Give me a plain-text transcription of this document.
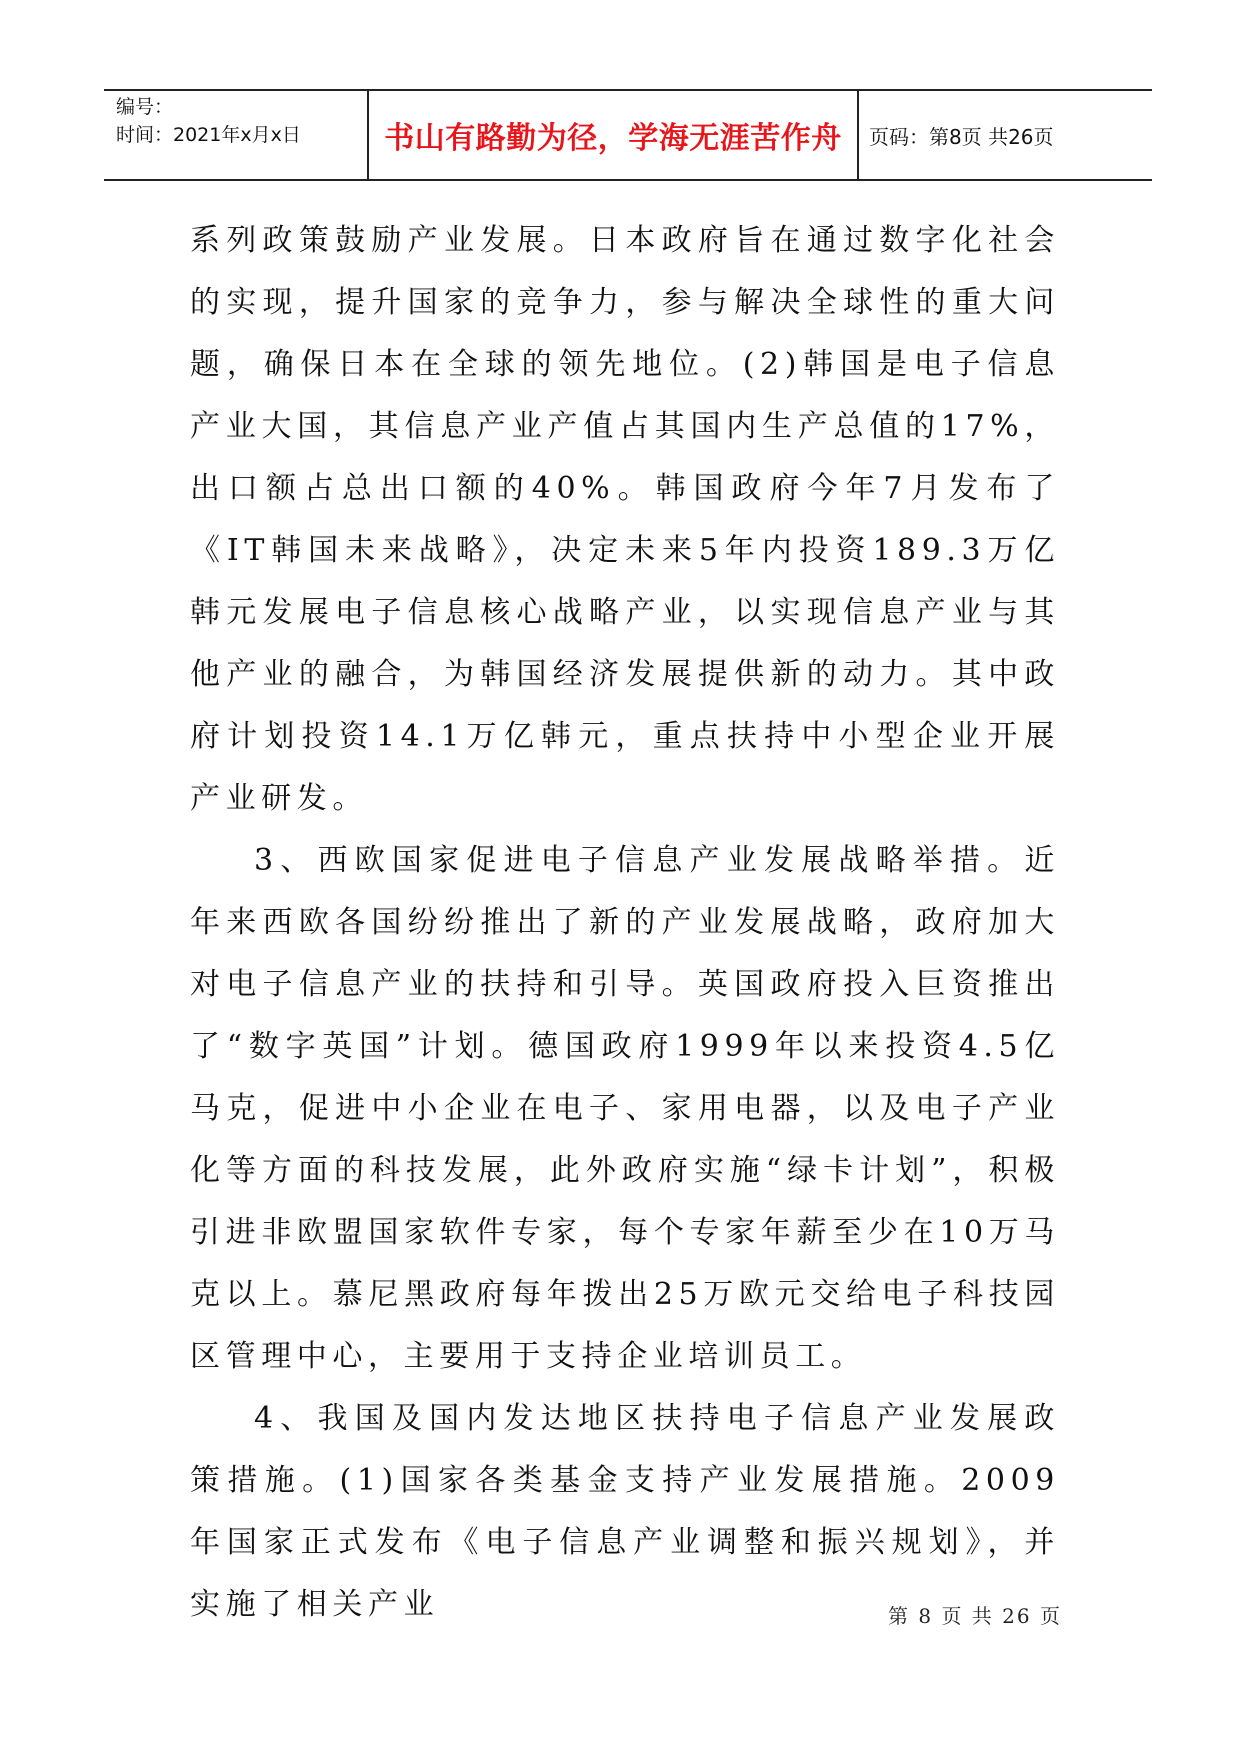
编号：
时间：2021年x月x日	书山有路勤为径，学海无涯苦作舟	页码：第8页 共26页

系列政策鼓励产业发展。日本政府旨在通过数字化社会的实现，提升国家的竞争力，参与解决全球性的重大问题，确保日本在全球的领先地位。(2)韩国是电子信息产业大国，其信息产业产值占其国内生产总值的17%，出口额占总出口额的40%。韩国政府今年7月发布了《IT韩国未来战略》，决定未来5年内投资189.3万亿韩元发展电子信息核心战略产业，以实现信息产业与其他产业的融合，为韩国经济发展提供新的动力。其中政府计划投资14.1万亿韩元，重点扶持中小型企业开展产业研发。

3、西欧国家促进电子信息产业发展战略举措。近年来西欧各国纷纷推出了新的产业发展战略，政府加大对电子信息产业的扶持和引导。英国政府投入巨资推出了“数字英国”计划。德国政府1999年以来投资4.5亿马克，促进中小企业在电子、家用电器，以及电子产业化等方面的科技发展，此外政府实施“绿卡计划”，积极引进非欧盟国家软件专家，每个专家年薪至少在10万马克以上。慕尼黑政府每年拨出25万欧元交给电子科技园区管理中心，主要用于支持企业培训员工。

4、我国及国内发达地区扶持电子信息产业发展政策措施。(1)国家各类基金支持产业发展措施。2009年国家正式发布《电子信息产业调整和振兴规划》，并实施了相关产业	第 8 页 共 26 页
